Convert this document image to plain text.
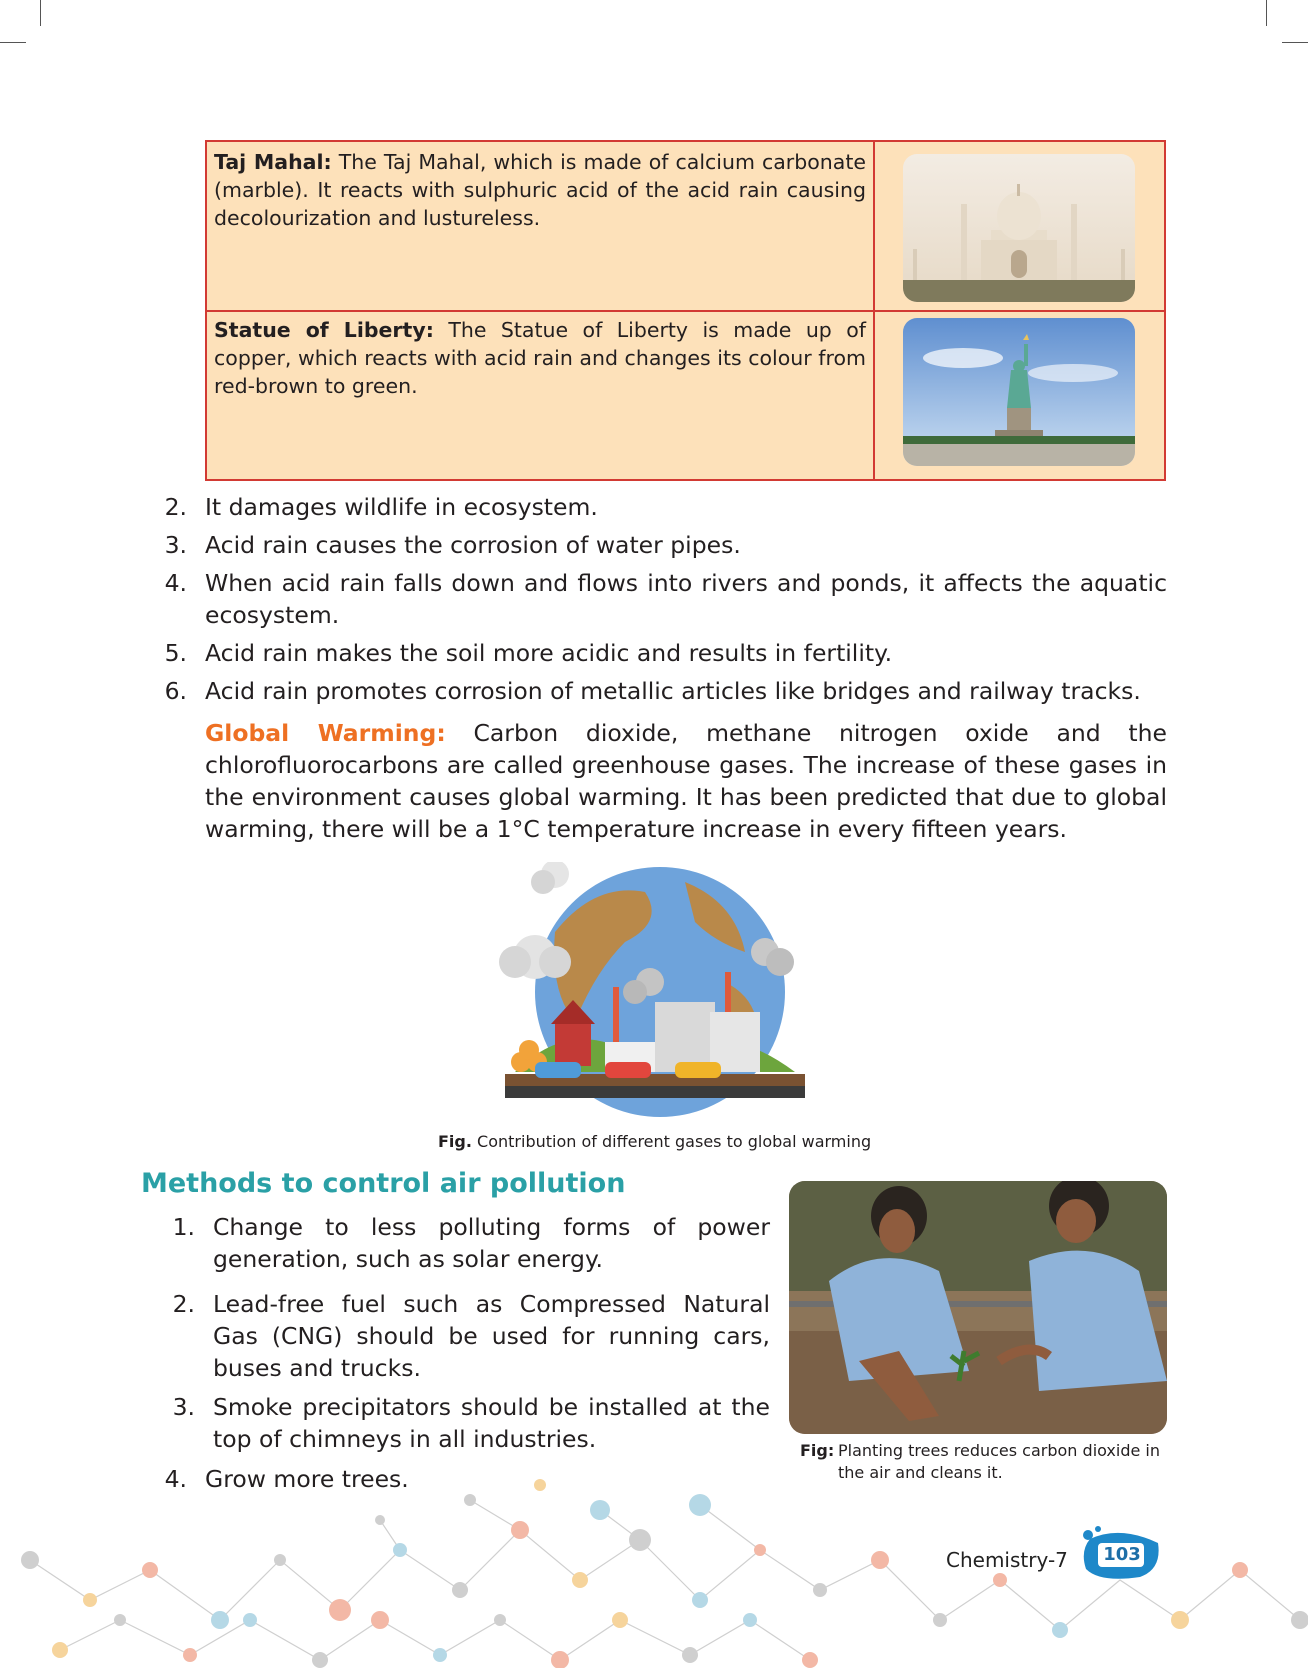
Taj Mahal: The Taj Mahal, which is made of calcium carbonate (marble). It reacts with sulphuric acid of the acid rain causing decolourization and lustureless.
Statue of Liberty: The Statue of Liberty is made up of copper, which reacts with acid rain and changes its colour from red-brown to green.
2. It damages wildlife in ecosystem.
3. Acid rain causes the corrosion of water pipes.
4. When acid rain falls down and flows into rivers and ponds, it affects the aquatic ecosystem.
5. Acid rain makes the soil more acidic and results in fertility.
6. Acid rain promotes corrosion of metallic articles like bridges and railway tracks.
Global Warming: Carbon dioxide, methane nitrogen oxide and the chlorofluorocarbons are called greenhouse gases. The increase of these gases in the environment causes global warming. It has been predicted that due to global warming, there will be a 1°C temperature increase in every fifteen years.
Fig. Contribution of different gases to global warming
Methods to control air pollution
1. Change to less polluting forms of power generation, such as solar energy.
2. Lead-free fuel such as Compressed Natural Gas (CNG) should be used for running cars, buses and trucks.
3. Smoke precipitators should be installed at the top of chimneys in all industries.
4. Grow more trees.
Fig: Planting trees reduces carbon dioxide in the air and cleans it.
Chemistry-7 103
